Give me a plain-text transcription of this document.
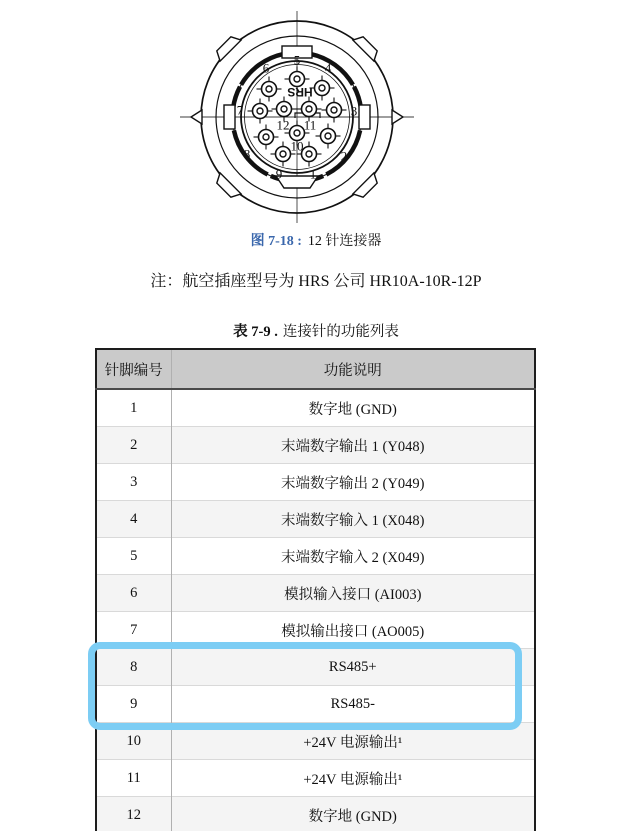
1
2
3
4
5
6
7
8
9
10
11
12
HRS
图 7-18 : 12 针连接器
注：航空插座型号为 HRS 公司 HR10A-10R-12P
表 7-9 . 连接针的功能列表
针脚编号	功能说明
1	数字地 (GND)
2	末端数字输出 1 (Y048)
3	末端数字输出 2 (Y049)
4	末端数字输入 1 (X048)
5	末端数字输入 2 (X049)
6	模拟输入接口 (AI003)
7	模拟输出接口 (AO005)
8	RS485+
9	RS485-
10	+24V 电源输出¹
11	+24V 电源输出¹
12	数字地 (GND)
